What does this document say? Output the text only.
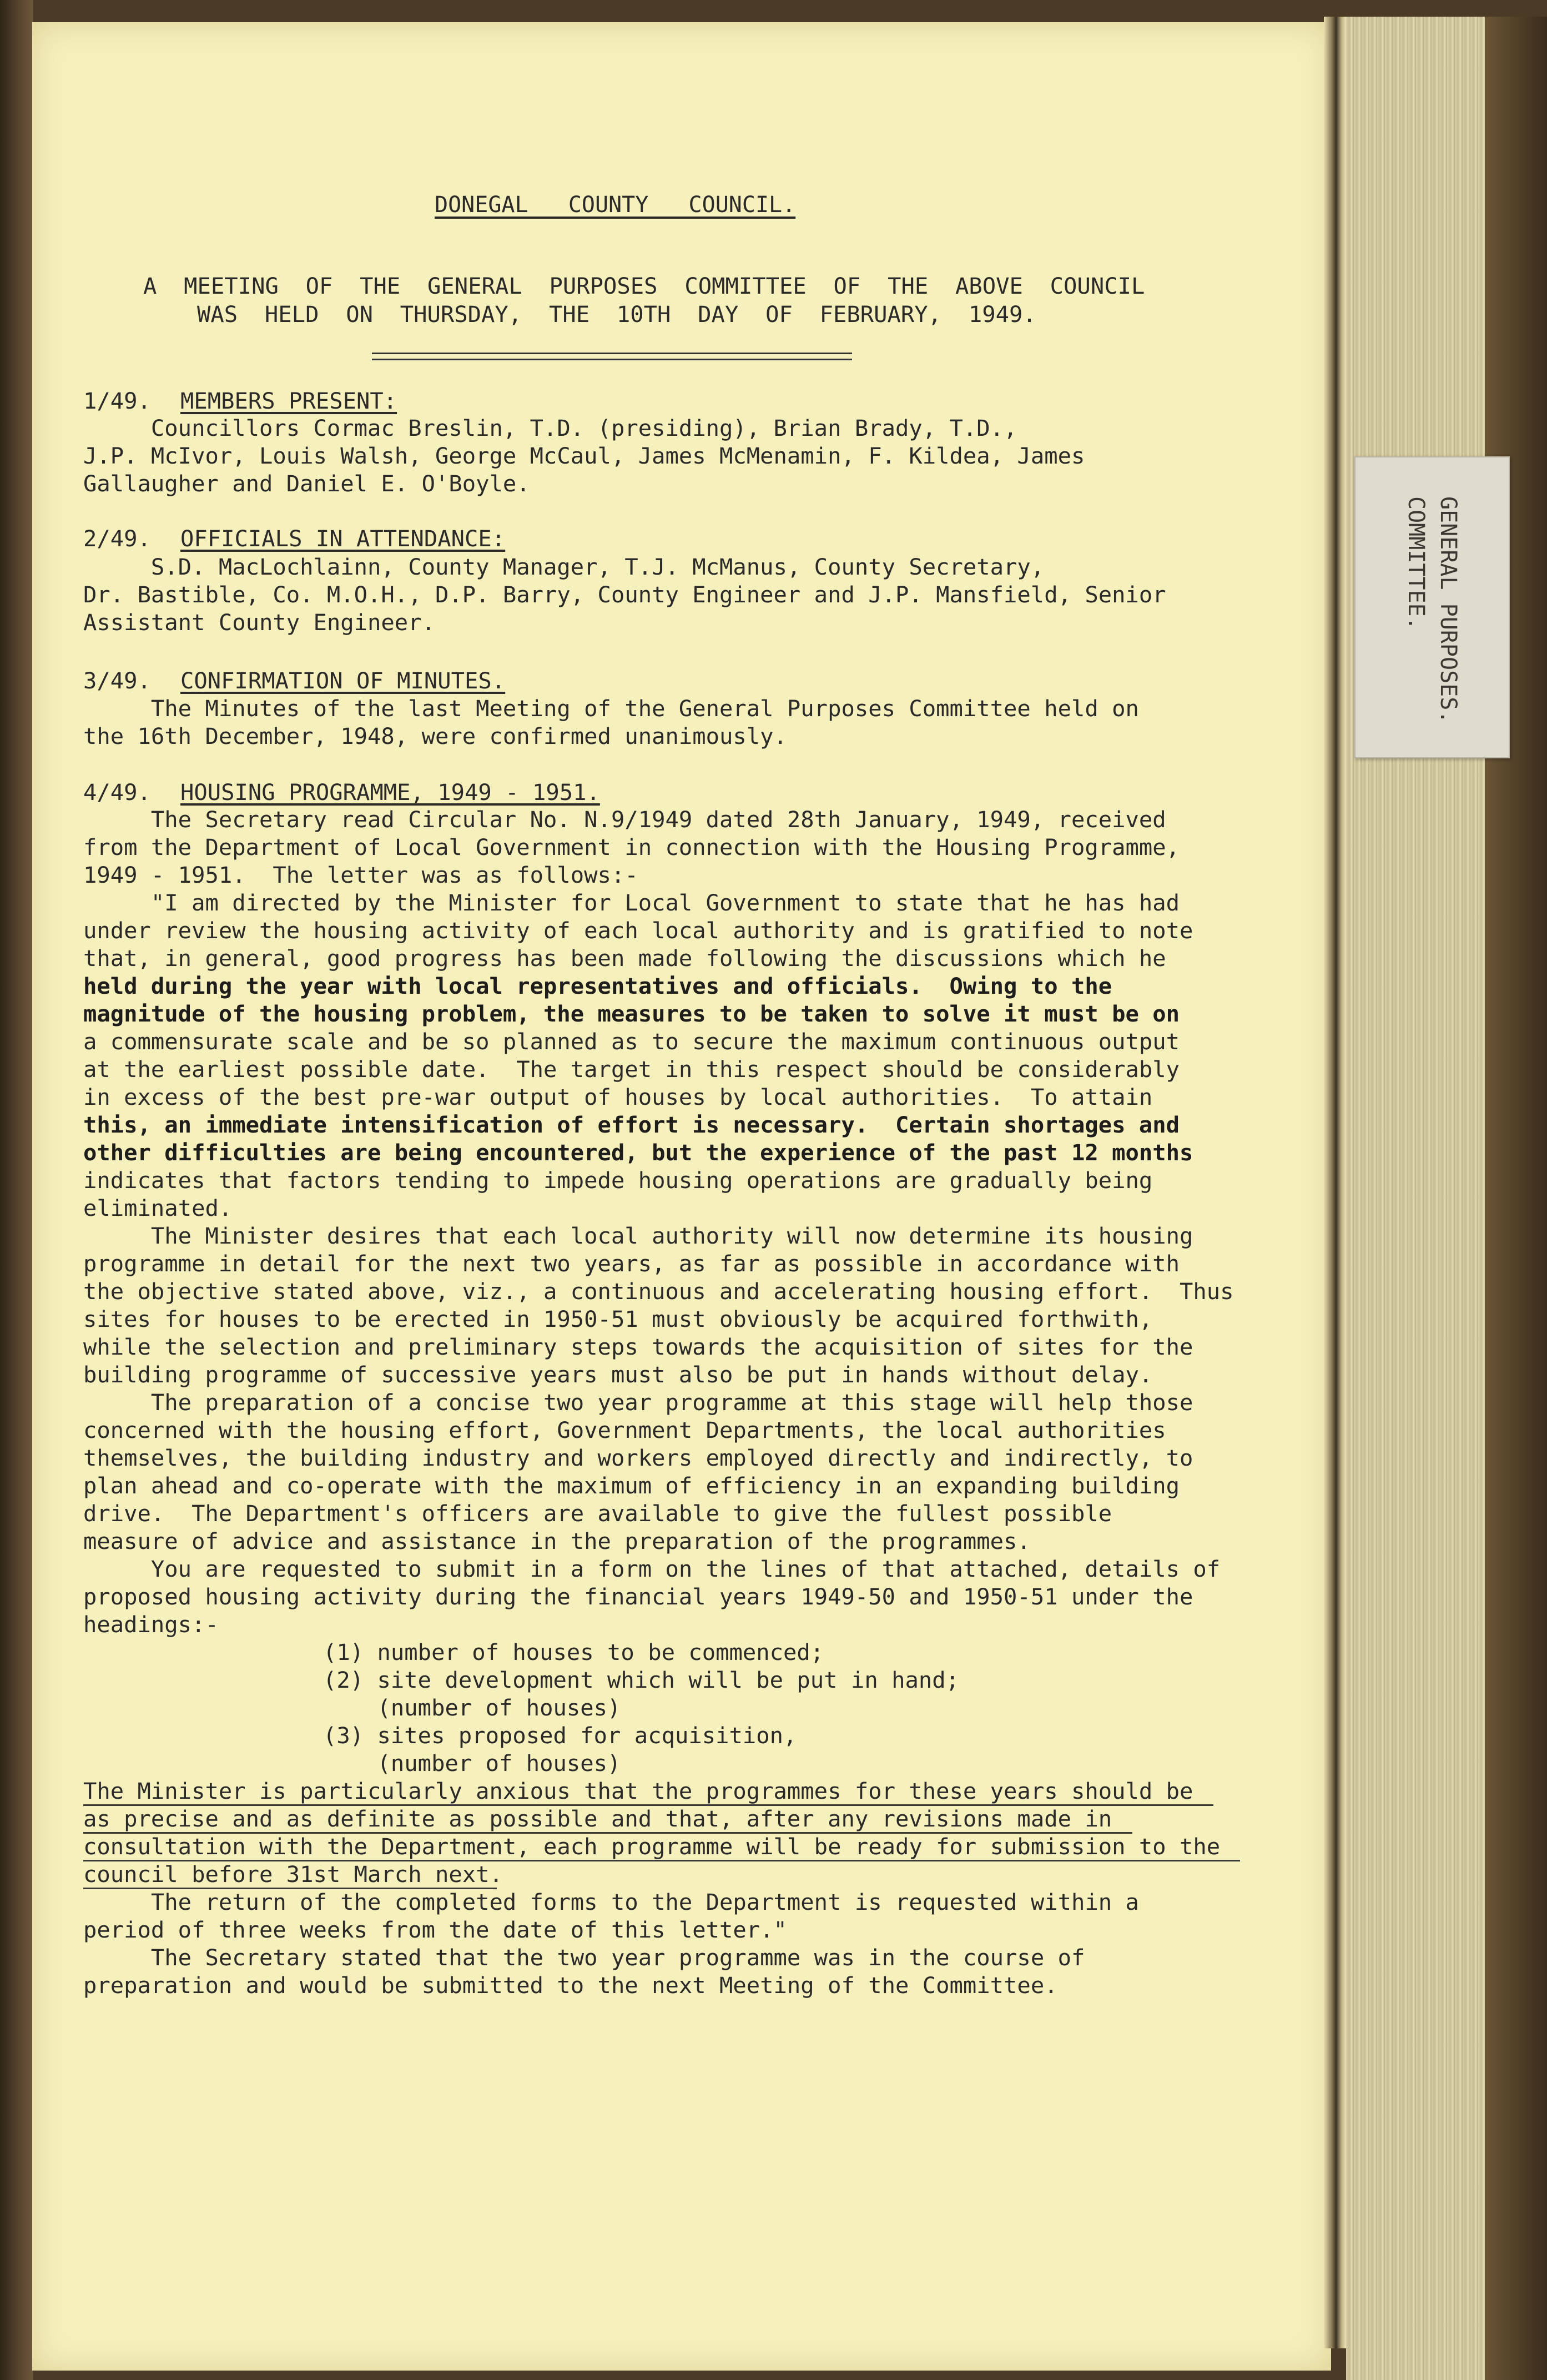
GENERAL PURPOSES.
COMMITTEE.
DONEGAL   COUNTY   COUNCIL.
A  MEETING  OF  THE  GENERAL  PURPOSES  COMMITTEE  OF  THE  ABOVE  COUNCIL
WAS  HELD  ON  THURSDAY,  THE  10TH  DAY  OF  FEBRUARY,  1949.
1/49. MEMBERS PRESENT:
Councillors Cormac Breslin, T.D. (presiding), Brian Brady, T.D.,
J.P. McIvor, Louis Walsh, George McCaul, James McMenamin, F. Kildea, James
Gallaugher and Daniel E. O'Boyle.
2/49. OFFICIALS IN ATTENDANCE:
S.D. MacLochlainn, County Manager, T.J. McManus, County Secretary,
Dr. Bastible, Co. M.O.H., D.P. Barry, County Engineer and J.P. Mansfield, Senior
Assistant County Engineer.
3/49. CONFIRMATION OF MINUTES.
The Minutes of the last Meeting of the General Purposes Committee held on
the 16th December, 1948, were confirmed unanimously.
4/49. HOUSING PROGRAMME, 1949 - 1951.
The Secretary read Circular No. N.9/1949 dated 28th January, 1949, received
from the Department of Local Government in connection with the Housing Programme,
1949 - 1951.  The letter was as follows:-
"I am directed by the Minister for Local Government to state that he has had
under review the housing activity of each local authority and is gratified to note
that, in general, good progress has been made following the discussions which he
held during the year with local representatives and officials.  Owing to the
magnitude of the housing problem, the measures to be taken to solve it must be on
a commensurate scale and be so planned as to secure the maximum continuous output
at the earliest possible date.  The target in this respect should be considerably
in excess of the best pre-war output of houses by local authorities.  To attain
this, an immediate intensification of effort is necessary.  Certain shortages and
other difficulties are being encountered, but the experience of the past 12 months
indicates that factors tending to impede housing operations are gradually being
eliminated.
The Minister desires that each local authority will now determine its housing
programme in detail for the next two years, as far as possible in accordance with
the objective stated above, viz., a continuous and accelerating housing effort.  Thus
sites for houses to be erected in 1950-51 must obviously be acquired forthwith,
while the selection and preliminary steps towards the acquisition of sites for the
building programme of successive years must also be put in hands without delay.
The preparation of a concise two year programme at this stage will help those
concerned with the housing effort, Government Departments, the local authorities
themselves, the building industry and workers employed directly and indirectly, to
plan ahead and co-operate with the maximum of efficiency in an expanding building
drive.  The Department's officers are available to give the fullest possible
measure of advice and assistance in the preparation of the programmes.
You are requested to submit in a form on the lines of that attached, details of
proposed housing activity during the financial years 1949-50 and 1950-51 under the
headings:-
(1) number of houses to be commenced;
(2) site development which will be put in hand;
(number of houses)
(3) sites proposed for acquisition,
(number of houses)
The Minister is particularly anxious that the programmes for these years should be
as precise and as definite as possible and that, after any revisions made in
consultation with the Department, each programme will be ready for submission to the
council before 31st March next.
The return of the completed forms to the Department is requested within a
period of three weeks from the date of this letter."
The Secretary stated that the two year programme was in the course of
preparation and would be submitted to the next Meeting of the Committee.
